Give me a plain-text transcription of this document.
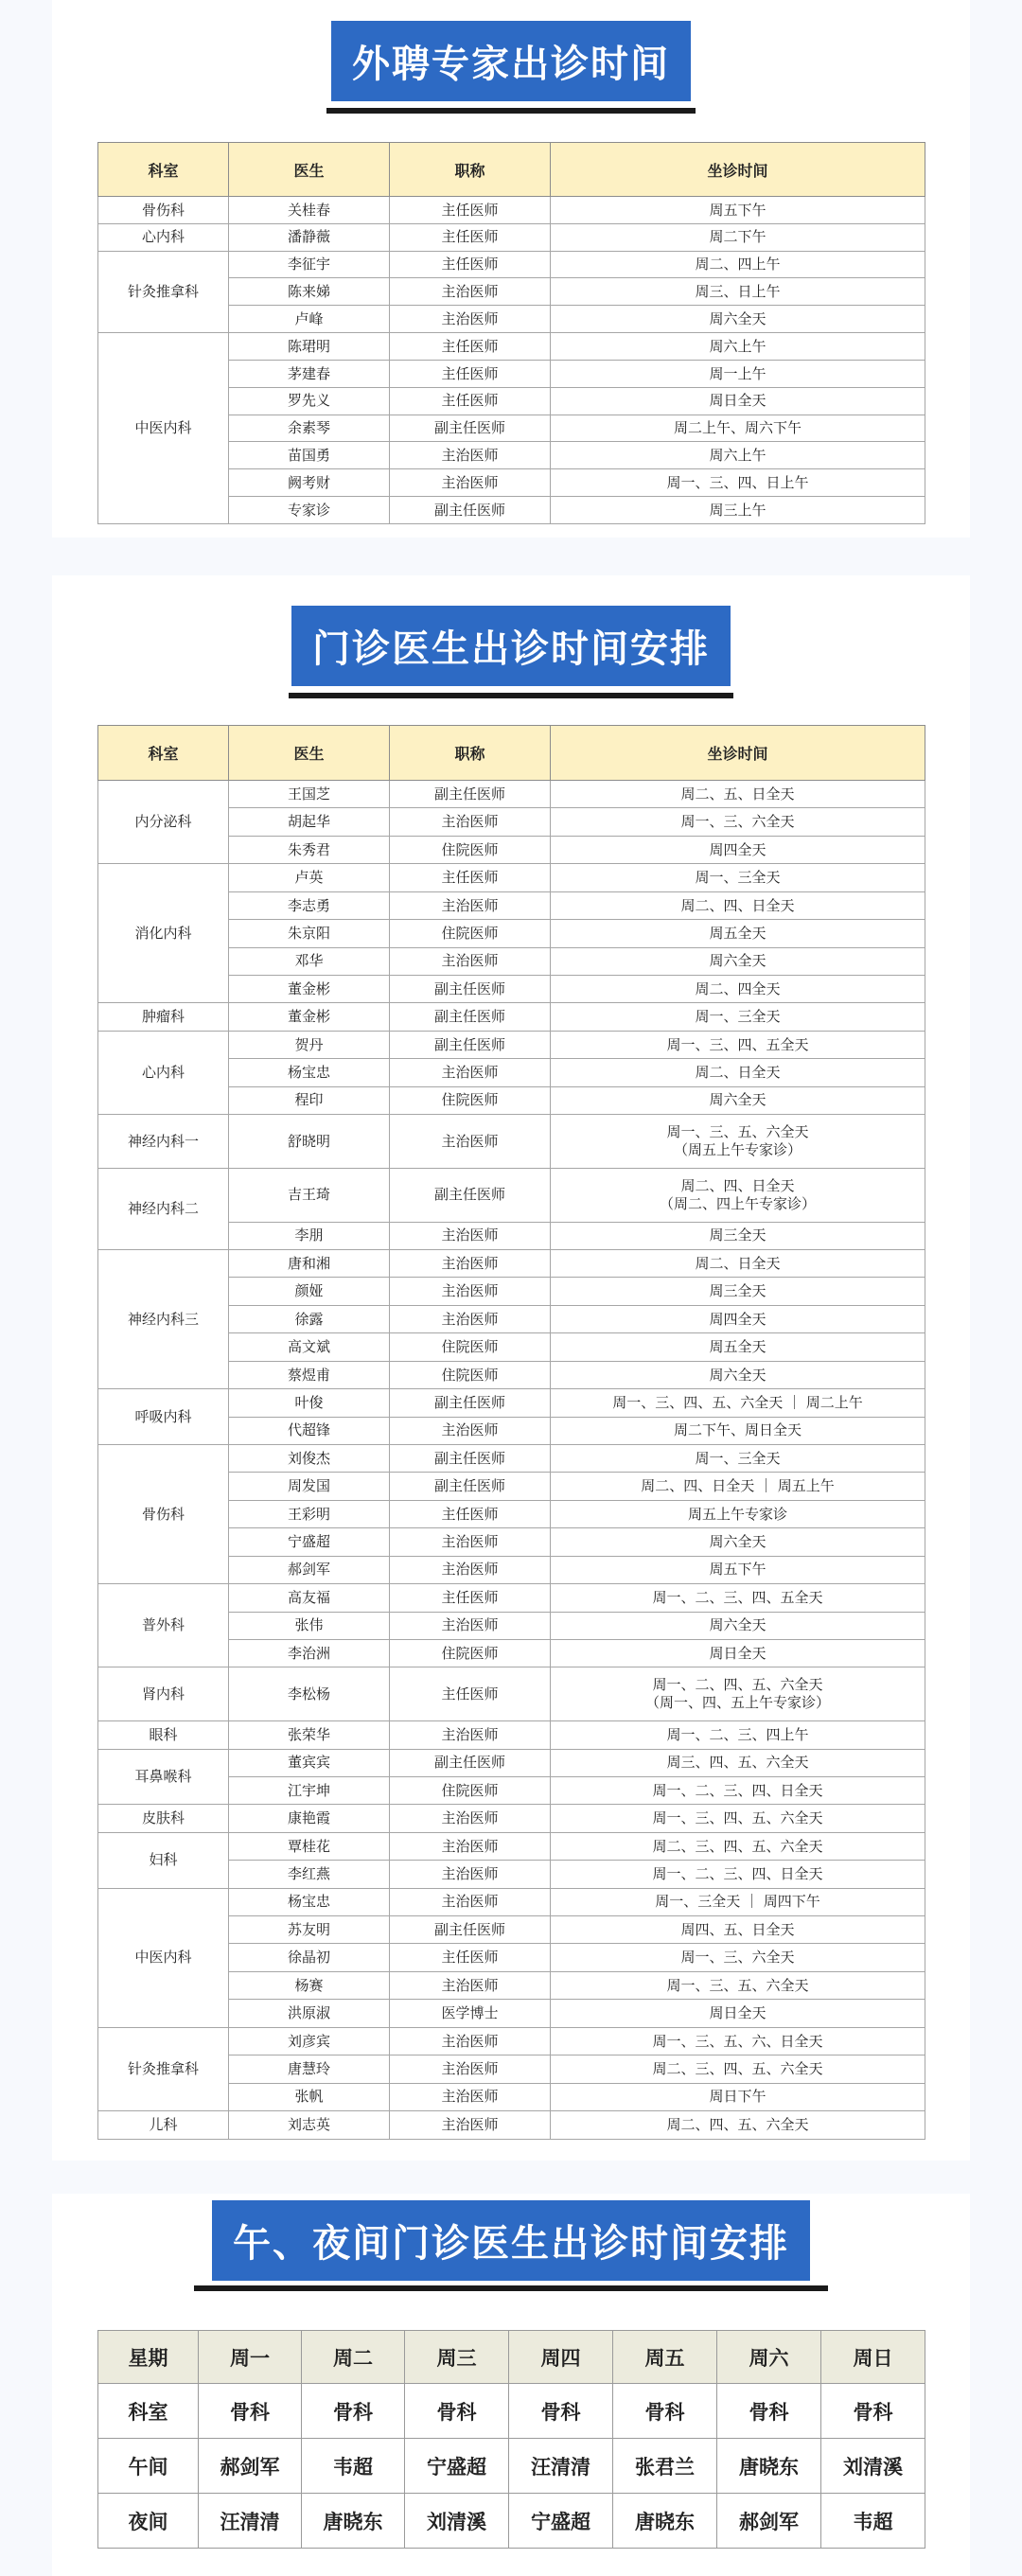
外聘专家出诊时间
科室	医生	职称	坐诊时间
骨伤科	关桂春	主任医师	周五下午
心内科	潘静薇	主任医师	周二下午
针灸推拿科	李征宇	主任医师	周二、四上午
	陈来娣	主治医师	周三、日上午
	卢峰	主治医师	周六全天
中医内科	陈珺明	主任医师	周六上午
	茅建春	主任医师	周一上午
	罗先义	主任医师	周日全天
	余素琴	副主任医师	周二上午、周六下午
	苗国勇	主治医师	周六上午
	阙考财	主治医师	周一、三、四、日上午
	专家诊	副主任医师	周三上午
门诊医生出诊时间安排
科室	医生	职称	坐诊时间
内分泌科	王国芝	副主任医师	周二、五、日全天

	胡起华	主治医师	周一、三、六全天

	朱秀君	住院医师	周四全天

消化内科	卢英	主任医师	周一、三全天

	李志勇	主治医师	周二、四、日全天

	朱京阳	住院医师	周五全天

	邓华	主治医师	周六全天

	董金彬	副主任医师	周二、四全天

肿瘤科	董金彬	副主任医师	周一、三全天

心内科	贺丹	副主任医师	周一、三、四、五全天

	杨宝忠	主治医师	周二、日全天

	程印	住院医师	周六全天

神经内科一	舒晓明	主治医师	周一、三、五、六全天
（周五上午专家诊）

神经内科二	吉王琦	副主任医师	周二、四、日全天
（周二、四上午专家诊）

	李朋	主治医师	周三全天

神经内科三	唐和湘	主治医师	周二、日全天

	颜娅	主治医师	周三全天

	徐露	主治医师	周四全天

	高文斌	住院医师	周五全天

	蔡煜甫	住院医师	周六全天

呼吸内科	叶俊	副主任医师	周一、三、四、五、六全天 ｜ 周二上午

	代超锋	主治医师	周二下午、周日全天

骨伤科	刘俊杰	副主任医师	周一、三全天

	周发国	副主任医师	周二、四、日全天 ｜ 周五上午

	王彩明	主任医师	周五上午专家诊

	宁盛超	主治医师	周六全天

	郝剑军	主治医师	周五下午

普外科	高友福	主任医师	周一、二、三、四、五全天

	张伟	主治医师	周六全天

	李治洲	住院医师	周日全天

肾内科	李松杨	主任医师	周一、二、四、五、六全天
（周一、四、五上午专家诊）

眼科	张荣华	主治医师	周一、二、三、四上午

耳鼻喉科	董宾宾	副主任医师	周三、四、五、六全天

	江宇坤	住院医师	周一、二、三、四、日全天

皮肤科	康艳霞	主治医师	周一、三、四、五、六全天

妇科	覃桂花	主治医师	周二、三、四、五、六全天

	李红燕	主治医师	周一、二、三、四、日全天

中医内科	杨宝忠	主治医师	周一、三全天 ｜ 周四下午

	苏友明	副主任医师	周四、五、日全天

	徐晶初	主任医师	周一、三、六全天

	杨赛	主治医师	周一、三、五、六全天

	洪原淑	医学博士	周日全天

针灸推拿科	刘彦宾	主治医师	周一、三、五、六、日全天

	唐慧玲	主治医师	周二、三、四、五、六全天

	张帆	主治医师	周日下午

儿科	刘志英	主治医师	周二、四、五、六全天
午、夜间门诊医生出诊时间安排
星期	周一	周二	周三	周四	周五	周六	周日
科室	骨科	骨科	骨科	骨科	骨科	骨科	骨科
午间	郝剑军	韦超	宁盛超	汪清清	张君兰	唐晓东	刘清溪
夜间	汪清清	唐晓东	刘清溪	宁盛超	唐晓东	郝剑军	韦超
